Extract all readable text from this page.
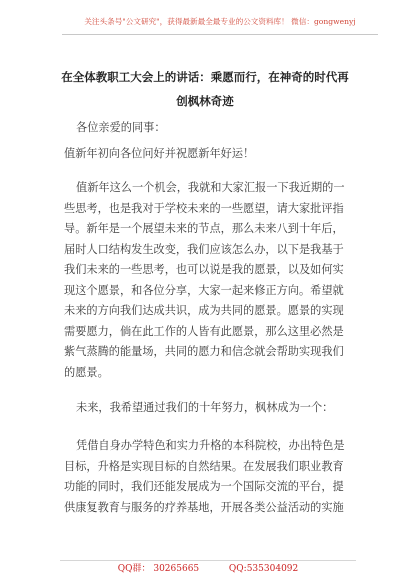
关注头条号"公文研究"，获得最新最全最专业的公文资料库！ 微信：gongwenyj
在全体教职工大会上的讲话：乘愿而行，在神奇的时代再
创枫林奇迹
各位亲爱的同事：
值新年初向各位问好并祝愿新年好运！
值新年这么一个机会，我就和大家汇报一下我近期的一
些思考，也是我对于学校未来的一些愿望，请大家批评指
导。新年是一个展望未来的节点，那么未来八到十年后，
届时人口结构发生改变，我们应该怎么办，以下是我基于
我们未来的一些思考，也可以说是我的愿景，以及如何实
现这个愿景，和各位分享，大家一起来修正方向。希望就
未来的方向我们达成共识，成为共同的愿景。愿景的实现
需要愿力，倘在此工作的人皆有此愿景，那么这里必然是
紫气蒸腾的能量场，共同的愿力和信念就会帮助实现我们
的愿景。
未来，我希望通过我们的十年努力，枫林成为一个：
凭借自身办学特色和实力升格的本科院校，办出特色是
目标，升格是实现目标的自然结果。在发展我们职业教育
功能的同时，我们还能发展成为一个国际交流的平台，提
供康复教育与服务的疗养基地，开展各类公益活动的实施
QQ群： 30265665	QQ:535304092
